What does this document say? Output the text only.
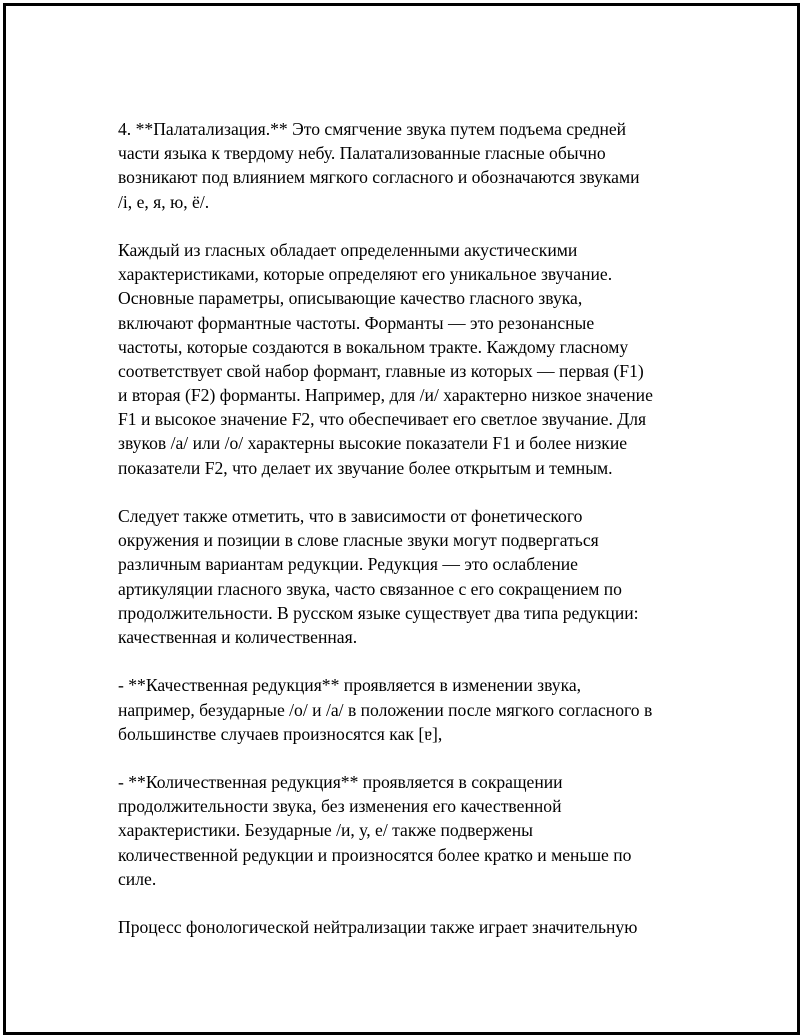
4. **Палатализация.** Это смягчение звука путем подъема средней
части языка к твердому небу. Палатализованные гласные обычно
возникают под влиянием мягкого согласного и обозначаются звуками
/і, е, я, ю, ё/.

Каждый из гласных обладает определенными акустическими
характеристиками, которые определяют его уникальное звучание.
Основные параметры, описывающие качество гласного звука,
включают формантные частоты. Форманты — это резонансные
частоты, которые создаются в вокальном тракте. Каждому гласному
соответствует свой набор формант, главные из которых — первая (F1)
и вторая (F2) форманты. Например, для /и/ характерно низкое значение
F1 и высокое значение F2, что обеспечивает его светлое звучание. Для
звуков /а/ или /о/ характерны высокие показатели F1 и более низкие
показатели F2, что делает их звучание более открытым и темным.

Следует также отметить, что в зависимости от фонетического
окружения и позиции в слове гласные звуки могут подвергаться
различным вариантам редукции. Редукция — это ослабление
артикуляции гласного звука, часто связанное с его сокращением по
продолжительности. В русском языке существует два типа редукции:
качественная и количественная.

- **Качественная редукция** проявляется в изменении звука,
например, безударные /о/ и /а/ в положении после мягкого согласного в
большинстве случаев произносятся как [ɐ],

- **Количественная редукция** проявляется в сокращении
продолжительности звука, без изменения его качественной
характеристики. Безударные /и, у, е/ также подвержены
количественной редукции и произносятся более кратко и меньше по
силе.

Процесс фонологической нейтрализации также играет значительную
